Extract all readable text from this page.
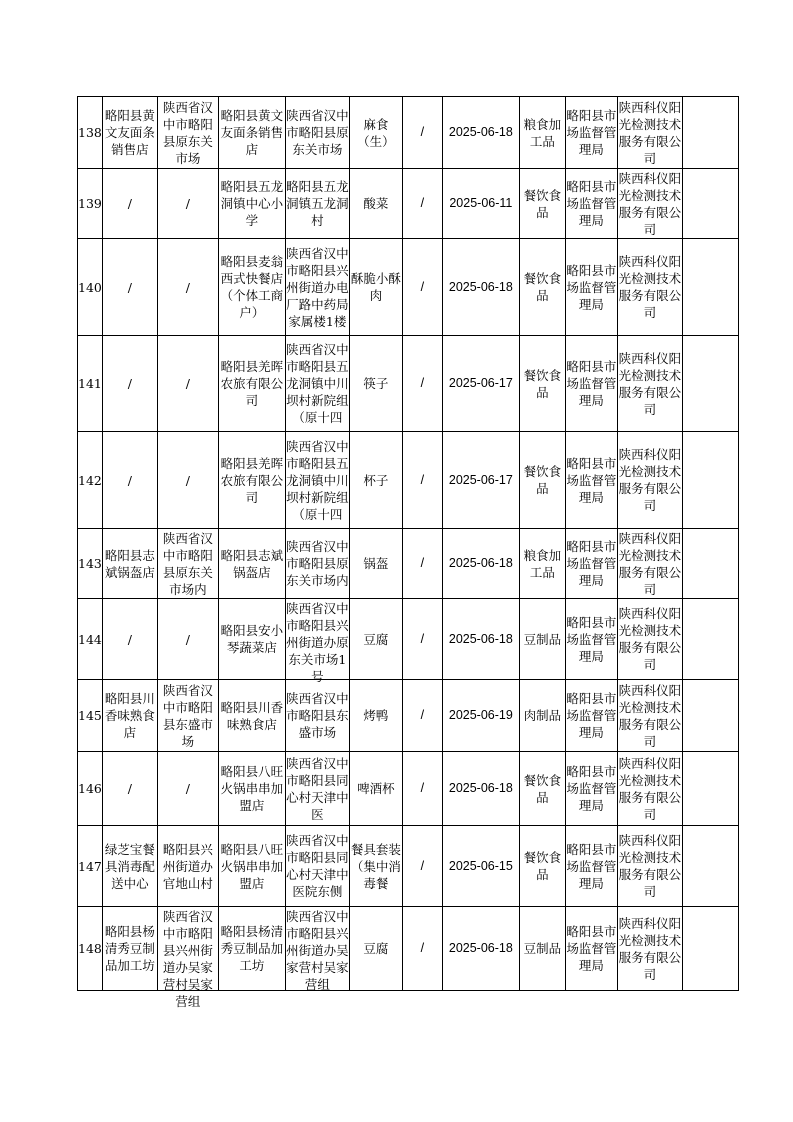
138	略阳县黄文友面条销售店	陕西省汉中市略阳县原东关市场	略阳县黄文友面条销售店	陕西省汉中市略阳县原东关市场	麻食（生）	/	2025-06-18	粮食加工品	略阳县市场监督管理局	陕西科仪阳光检测技术服务有限公司	

139	/	/	略阳县五龙洞镇中心小学	略阳县五龙洞镇五龙洞村	酸菜	/	2025-06-11	餐饮食品	略阳县市场监督管理局	陕西科仪阳光检测技术服务有限公司	

140	/	/	略阳县麦翁西式快餐店（个体工商户）	陕西省汉中市略阳县兴州街道办电厂路中药局家属楼1楼	酥脆小酥肉	/	2025-06-18	餐饮食品	略阳县市场监督管理局	陕西科仪阳光检测技术服务有限公司	

141	/	/	略阳县羌晖农旅有限公司	陕西省汉中市略阳县五龙洞镇中川坝村新院组（原十四	筷子	/	2025-06-17	餐饮食品	略阳县市场监督管理局	陕西科仪阳光检测技术服务有限公司	

142	/	/	略阳县羌晖农旅有限公司	陕西省汉中市略阳县五龙洞镇中川坝村新院组（原十四	杯子	/	2025-06-17	餐饮食品	略阳县市场监督管理局	陕西科仪阳光检测技术服务有限公司	

143	略阳县志斌锅盔店	陕西省汉中市略阳县原东关市场内	略阳县志斌锅盔店	陕西省汉中市略阳县原东关市场内	锅盔	/	2025-06-18	粮食加工品	略阳县市场监督管理局	陕西科仪阳光检测技术服务有限公司	

144	/	/	略阳县安小琴蔬菜店	陕西省汉中市略阳县兴州街道办原东关市场1号	豆腐	/	2025-06-18	豆制品	略阳县市场监督管理局	陕西科仪阳光检测技术服务有限公司	

145	略阳县川香味熟食店	陕西省汉中市略阳县东盛市场	略阳县川香味熟食店	陕西省汉中市略阳县东盛市场	烤鸭	/	2025-06-19	肉制品	略阳县市场监督管理局	陕西科仪阳光检测技术服务有限公司	

146	/	/	略阳县八旺火锅串串加盟店	陕西省汉中市略阳县同心村天津中医	啤酒杯	/	2025-06-18	餐饮食品	略阳县市场监督管理局	陕西科仪阳光检测技术服务有限公司	

147	绿芝宝餐具消毒配送中心	略阳县兴州街道办官地山村	略阳县八旺火锅串串加盟店	陕西省汉中市略阳县同心村天津中医院东侧	餐具套装（集中消毒餐	/	2025-06-15	餐饮食品	略阳县市场监督管理局	陕西科仪阳光检测技术服务有限公司	

148	略阳县杨清秀豆制品加工坊	陕西省汉中市略阳县兴州街道办吴家营村吴家营组	略阳县杨清秀豆制品加工坊	陕西省汉中市略阳县兴州街道办吴家营村吴家营组	豆腐	/	2025-06-18	豆制品	略阳县市场监督管理局	陕西科仪阳光检测技术服务有限公司	
